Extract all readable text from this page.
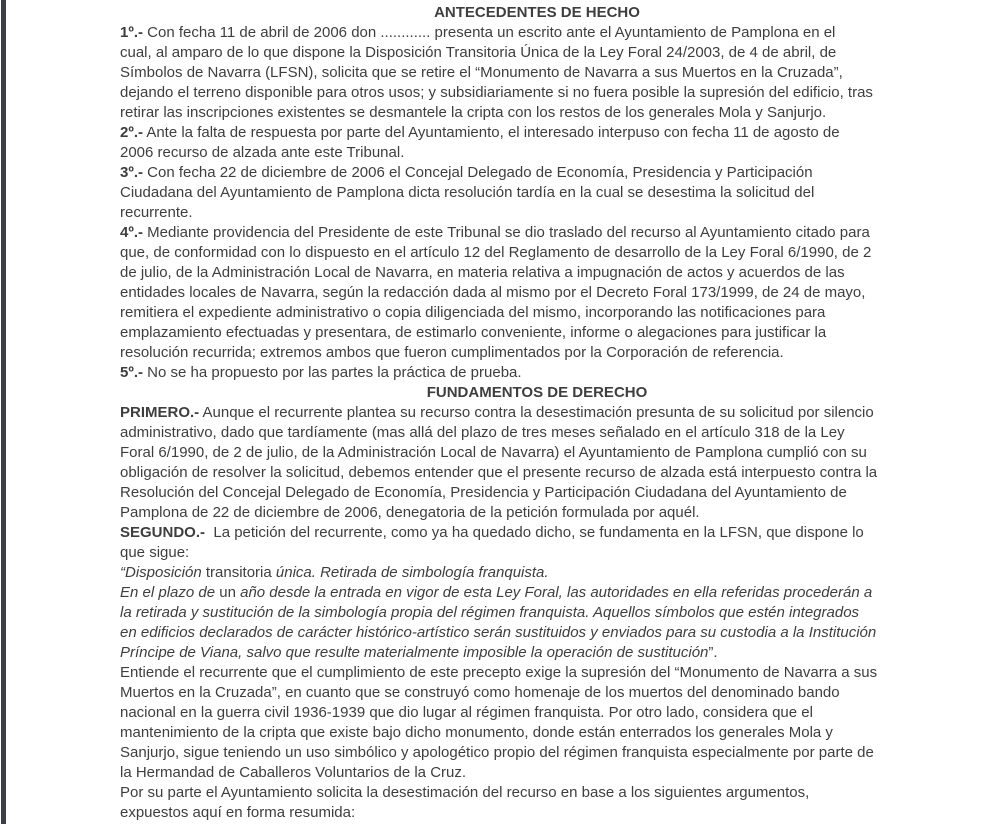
ANTECEDENTES DE HECHO
1º.- Con fecha 11 de abril de 2006 don ............ presenta un escrito ante el Ayuntamiento de Pamplona en el
cual, al amparo de lo que dispone la Disposición Transitoria Única de la Ley Foral 24/2003, de 4 de abril, de
Símbolos de Navarra (LFSN), solicita que se retire el “Monumento de Navarra a sus Muertos en la Cruzada”,
dejando el terreno disponible para otros usos; y subsidiariamente si no fuera posible la supresión del edificio, tras
retirar las inscripciones existentes se desmantele la cripta con los restos de los generales Mola y Sanjurjo.
2º.- Ante la falta de respuesta por parte del Ayuntamiento, el interesado interpuso con fecha 11 de agosto de
2006 recurso de alzada ante este Tribunal.
3º.- Con fecha 22 de diciembre de 2006 el Concejal Delegado de Economía, Presidencia y Participación
Ciudadana del Ayuntamiento de Pamplona dicta resolución tardía en la cual se desestima la solicitud del
recurrente.
4º.- Mediante providencia del Presidente de este Tribunal se dio traslado del recurso al Ayuntamiento citado para
que, de conformidad con lo dispuesto en el artículo 12 del Reglamento de desarrollo de la Ley Foral 6/1990, de 2
de julio, de la Administración Local de Navarra, en materia relativa a impugnación de actos y acuerdos de las
entidades locales de Navarra, según la redacción dada al mismo por el Decreto Foral 173/1999, de 24 de mayo,
remitiera el expediente administrativo o copia diligenciada del mismo, incorporando las notificaciones para
emplazamiento efectuadas y presentara, de estimarlo conveniente, informe o alegaciones para justificar la
resolución recurrida; extremos ambos que fueron cumplimentados por la Corporación de referencia.
5º.- No se ha propuesto por las partes la práctica de prueba.
FUNDAMENTOS DE DERECHO
PRIMERO.- Aunque el recurrente plantea su recurso contra la desestimación presunta de su solicitud por silencio
administrativo, dado que tardíamente (mas allá del plazo de tres meses señalado en el artículo 318 de la Ley
Foral 6/1990, de 2 de julio, de la Administración Local de Navarra) el Ayuntamiento de Pamplona cumplió con su
obligación de resolver la solicitud, debemos entender que el presente recurso de alzada está interpuesto contra la
Resolución del Concejal Delegado de Economía, Presidencia y Participación Ciudadana del Ayuntamiento de
Pamplona de 22 de diciembre de 2006, denegatoria de la petición formulada por aquél.
SEGUNDO.-  La petición del recurrente, como ya ha quedado dicho, se fundamenta en la LFSN, que dispone lo
que sigue:
“Disposición transitoria única. Retirada de simbología franquista.
En el plazo de un año desde la entrada en vigor de esta Ley Foral, las autoridades en ella referidas procederán a
la retirada y sustitución de la simbología propia del régimen franquista. Aquellos símbolos que estén integrados
en edificios declarados de carácter histórico-artístico serán sustituidos y enviados para su custodia a la Institución
Príncipe de Viana, salvo que resulte materialmente imposible la operación de sustitución”.
Entiende el recurrente que el cumplimiento de este precepto exige la supresión del “Monumento de Navarra a sus
Muertos en la Cruzada”, en cuanto que se construyó como homenaje de los muertos del denominado bando
nacional en la guerra civil 1936-1939 que dio lugar al régimen franquista. Por otro lado, considera que el
mantenimiento de la cripta que existe bajo dicho monumento, donde están enterrados los generales Mola y
Sanjurjo, sigue teniendo un uso simbólico y apologético propio del régimen franquista especialmente por parte de
la Hermandad de Caballeros Voluntarios de la Cruz.
Por su parte el Ayuntamiento solicita la desestimación del recurso en base a los siguientes argumentos,
expuestos aquí en forma resumida:
